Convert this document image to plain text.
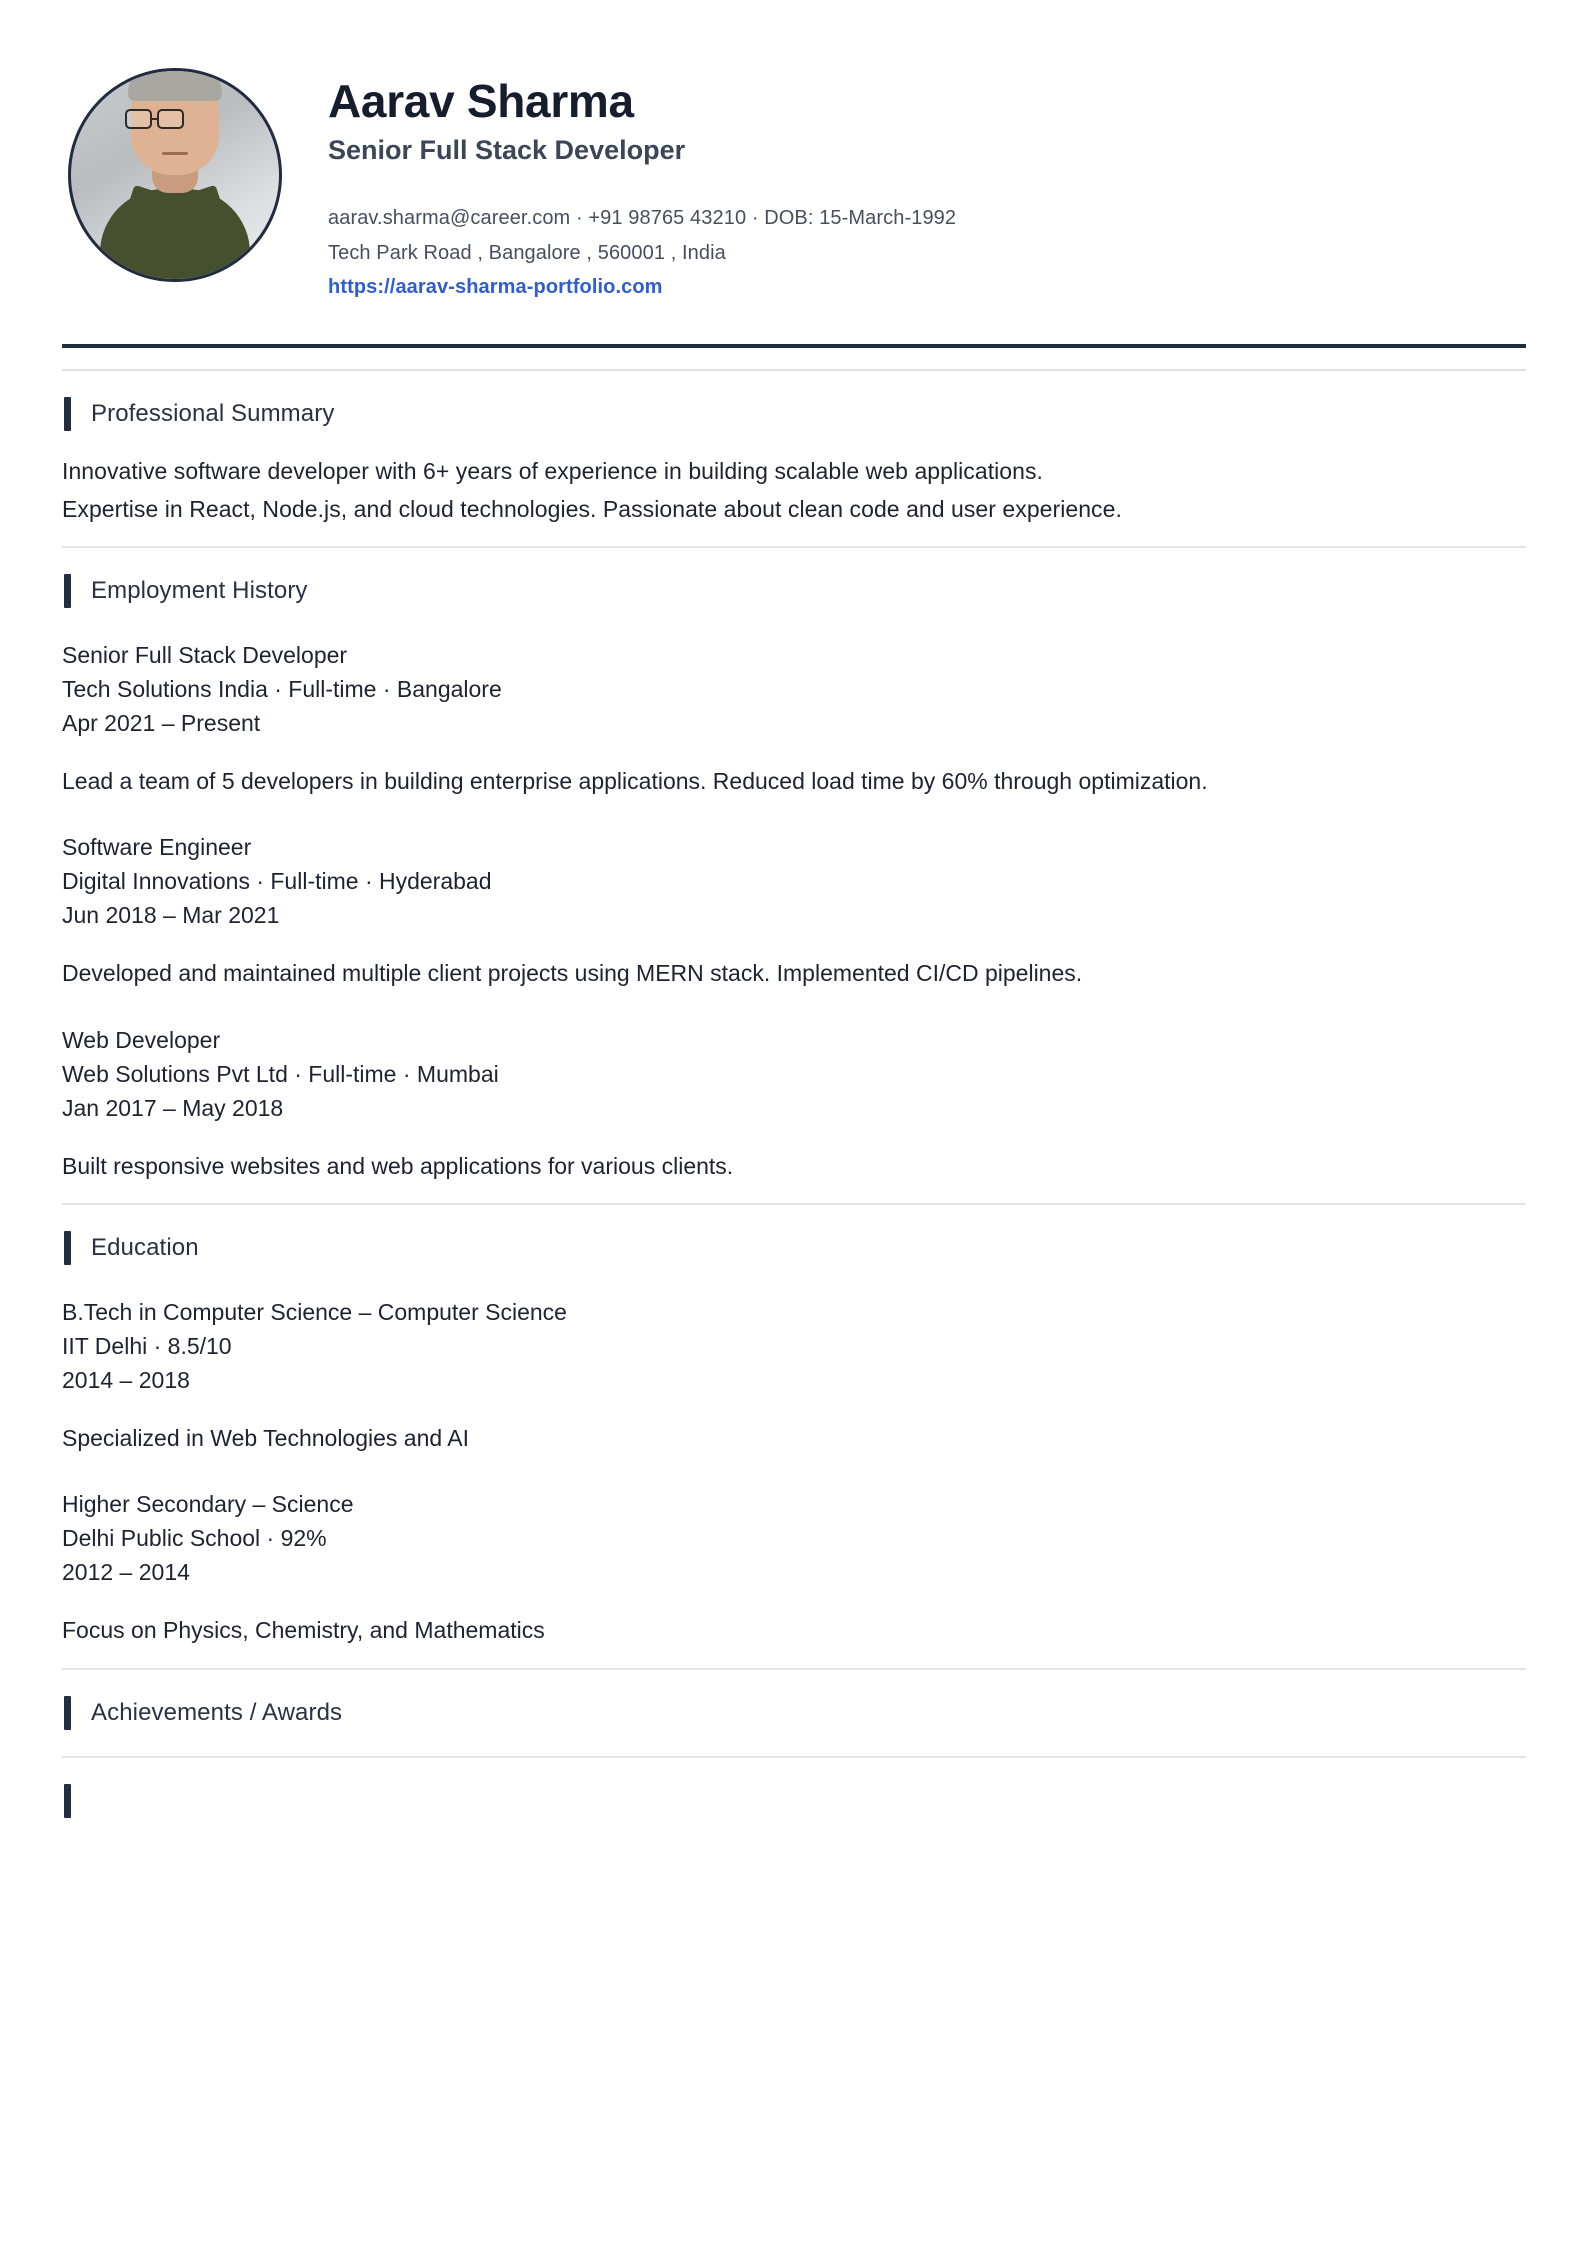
Aarav Sharma
Senior Full Stack Developer
aarav.sharma@career.com · +91 98765 43210 · DOB: 15-March-1992
Tech Park Road , Bangalore , 560001 , India
https://aarav-sharma-portfolio.com
Professional Summary
Innovative software developer with 6+ years of experience in building scalable web applications.
Expertise in React, Node.js, and cloud technologies. Passionate about clean code and user experience.
Employment History
Senior Full Stack Developer
Tech Solutions India · Full-time · Bangalore
Apr 2021 – Present
Lead a team of 5 developers in building enterprise applications. Reduced load time by 60% through optimization.
Software Engineer
Digital Innovations · Full-time · Hyderabad
Jun 2018 – Mar 2021
Developed and maintained multiple client projects using MERN stack. Implemented CI/CD pipelines.
Web Developer
Web Solutions Pvt Ltd · Full-time · Mumbai
Jan 2017 – May 2018
Built responsive websites and web applications for various clients.
Education
B.Tech in Computer Science – Computer Science
IIT Delhi · 8.5/10
2014 – 2018
Specialized in Web Technologies and AI
Higher Secondary – Science
Delhi Public School · 92%
2012 – 2014
Focus on Physics, Chemistry, and Mathematics
Achievements / Awards
